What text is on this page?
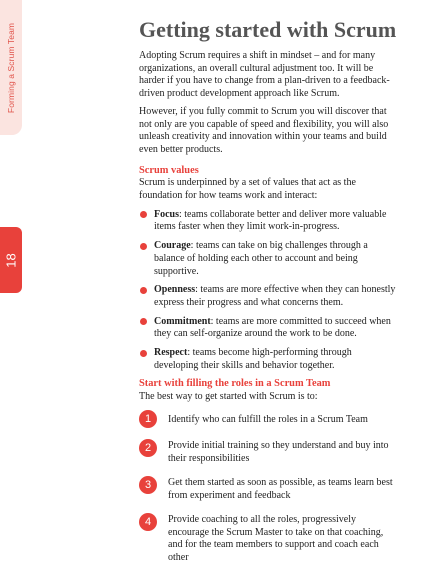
Forming a Scrum Team
18
Getting started with Scrum

Adopting Scrum requires a shift in mindset – and for many organizations, an overall cultural adjustment too. It will be harder if you have to change from a plan-driven to a feedback-driven product development approach like Scrum.

However, if you fully commit to Scrum you will discover that not only are you capable of speed and flexibility, you will also unleash creativity and innovation within your teams and build even better products.

Scrum values

Scrum is underpinned by a set of values that act as the foundation for how teams work and interact:

Focus: teams collaborate better and deliver more valuable items faster when they limit work-in-progress.
Courage: teams can take on big challenges through a balance of holding each other to account and being supportive.
Openness: teams are more effective when they can honestly express their progress and what concerns them.
Commitment: teams are more committed to succeed when they can self-organize around the work to be done.
Respect: teams become high-performing through developing their skills and behavior together.
Start with filling the roles in a Scrum Team

The best way to get started with Scrum is to:

1	Identify who can fulfill the roles in a Scrum Team
2	Provide initial training so they understand and buy into their responsibilities
3	Get them started as soon as possible, as teams learn best from experiment and feedback
4	Provide coaching to all the roles, progressively encourage the Scrum Master to take on that coaching, and for the team members to support and coach each other
